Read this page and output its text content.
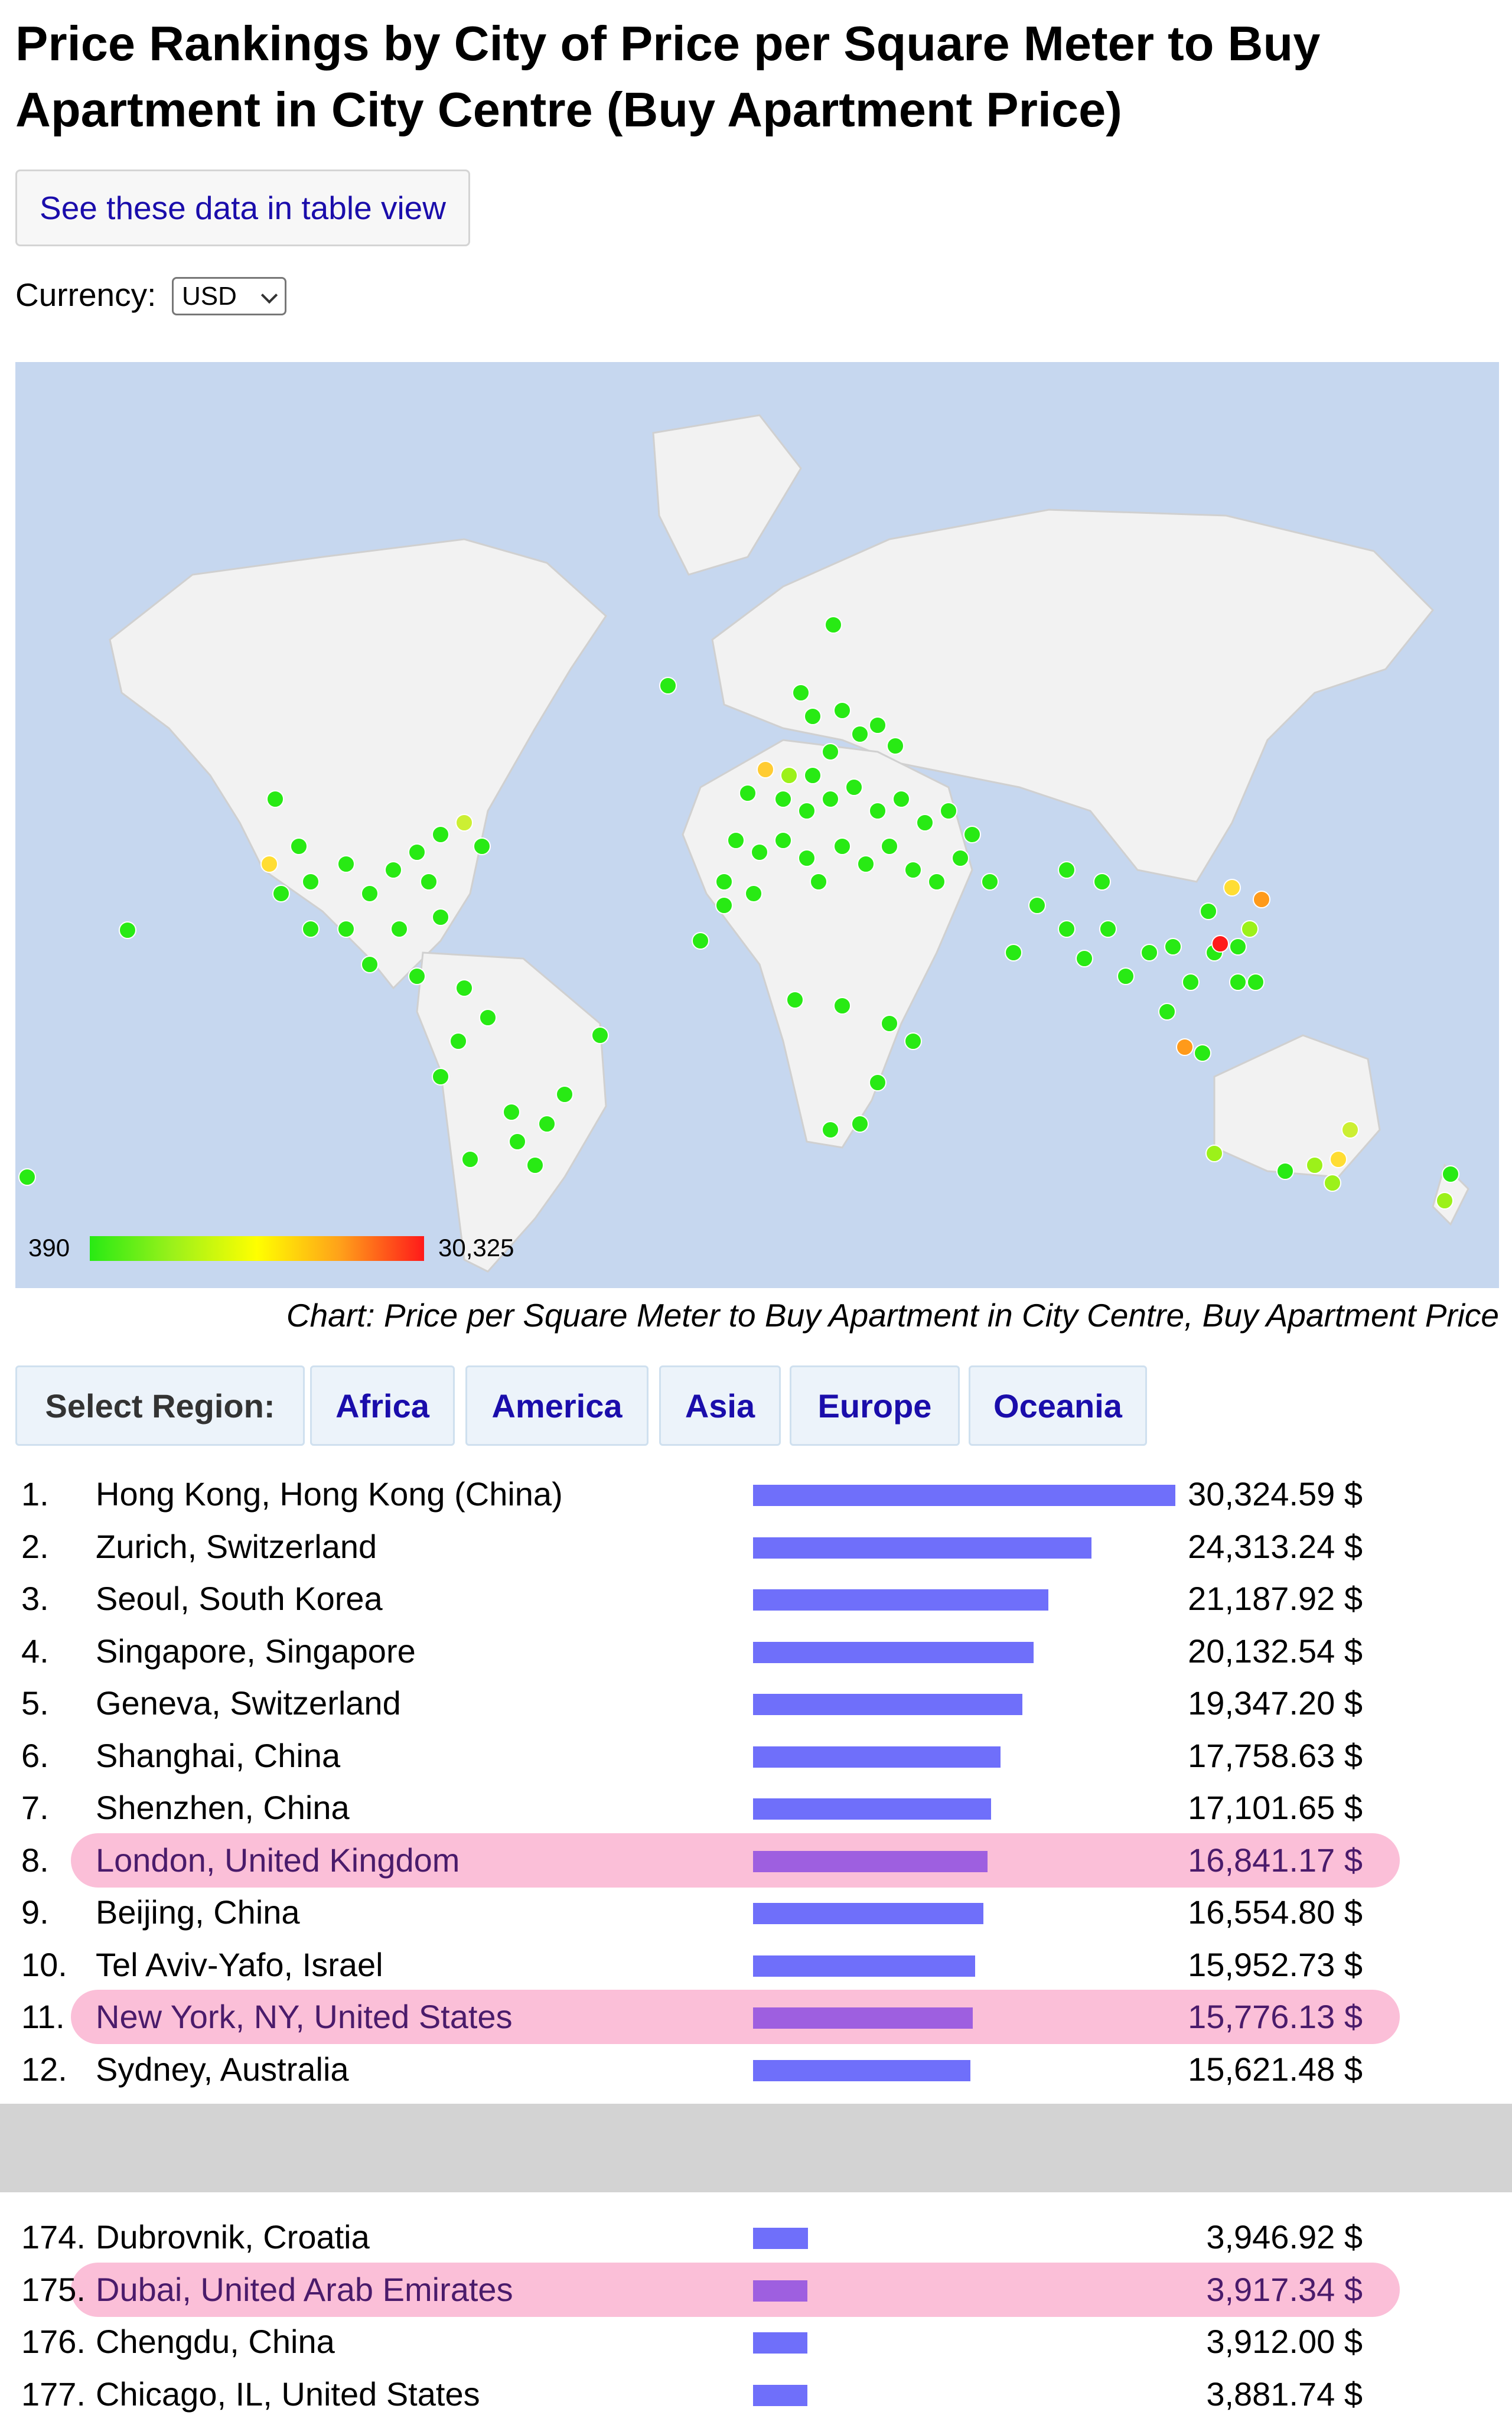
Price Rankings by City of Price per Square Meter to Buy Apartment in City Centre (Buy Apartment Price)
See these data in table view
Currency: USD
390	30,325
Chart: Price per Square Meter to Buy Apartment in City Centre, Buy Apartment Price
Select Region:	Africa	America	Asia	Europe	Oceania
1. Hong Kong, Hong Kong (China)	30,324.59 $
2. Zurich, Switzerland	24,313.24 $
3. Seoul, South Korea	21,187.92 $
4. Singapore, Singapore	20,132.54 $
5. Geneva, Switzerland	19,347.20 $
6. Shanghai, China	17,758.63 $
7. Shenzhen, China	17,101.65 $
8. London, United Kingdom	16,841.17 $
9. Beijing, China	16,554.80 $
10. Tel Aviv-Yafo, Israel	15,952.73 $
11. New York, NY, United States	15,776.13 $
12. Sydney, Australia	15,621.48 $
174. Dubrovnik, Croatia	3,946.92 $
175. Dubai, United Arab Emirates	3,917.34 $
176. Chengdu, China	3,912.00 $
177. Chicago, IL, United States	3,881.74 $
